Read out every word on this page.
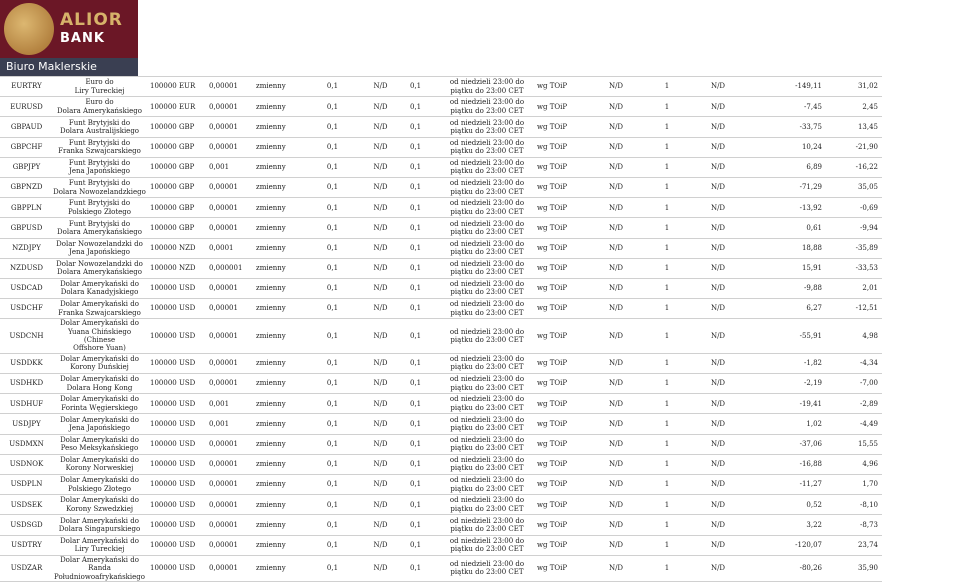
ALIOR
BANK
Biuro Maklerskie
EURTRY	Euro do
Liry Tureckiej	100000 EUR	0,00001	zmienny	0,1	N/D	0,1	od niedzieli 23:00 do
piątku do 23:00 CET	wg TOiP	N/D	1	N/D	-149,11	31,02
EURUSD	Euro do
Dolara Amerykańskiego	100000 EUR	0,00001	zmienny	0,1	N/D	0,1	od niedzieli 23:00 do
piątku do 23:00 CET	wg TOiP	N/D	1	N/D	-7,45	2,45
GBPAUD	Funt Brytyjski do
Dolara Australijskiego	100000 GBP	0,00001	zmienny	0,1	N/D	0,1	od niedzieli 23:00 do
piątku do 23:00 CET	wg TOiP	N/D	1	N/D	-33,75	13,45
GBPCHF	Funt Brytyjski do
Franka Szwajcarskiego	100000 GBP	0,00001	zmienny	0,1	N/D	0,1	od niedzieli 23:00 do
piątku do 23:00 CET	wg TOiP	N/D	1	N/D	10,24	-21,90
GBPJPY	Funt Brytyjski do
Jena Japońskiego	100000 GBP	0,001	zmienny	0,1	N/D	0,1	od niedzieli 23:00 do
piątku do 23:00 CET	wg TOiP	N/D	1	N/D	6,89	-16,22
GBPNZD	Funt Brytyjski do
Dolara Nowozelandzkiego	100000 GBP	0,00001	zmienny	0,1	N/D	0,1	od niedzieli 23:00 do
piątku do 23:00 CET	wg TOiP	N/D	1	N/D	-71,29	35,05
GBPPLN	Funt Brytyjski do
Polskiego Złotego	100000 GBP	0,00001	zmienny	0,1	N/D	0,1	od niedzieli 23:00 do
piątku do 23:00 CET	wg TOiP	N/D	1	N/D	-13,92	-0,69
GBPUSD	Funt Brytyjski do
Dolara Amerykańskiego	100000 GBP	0,00001	zmienny	0,1	N/D	0,1	od niedzieli 23:00 do
piątku do 23:00 CET	wg TOiP	N/D	1	N/D	0,61	-9,94
NZDJPY	Dolar Nowozelandzki do
Jena Japońskiego	100000 NZD	0,0001	zmienny	0,1	N/D	0,1	od niedzieli 23:00 do
piątku do 23:00 CET	wg TOiP	N/D	1	N/D	18,88	-35,89
NZDUSD	Dolar Nowozelandzki do
Dolara Amerykańskiego	100000 NZD	0,000001	zmienny	0,1	N/D	0,1	od niedzieli 23:00 do
piątku do 23:00 CET	wg TOiP	N/D	1	N/D	15,91	-33,53
USDCAD	Dolar Amerykański do
Dolara Kanadyjskiego	100000 USD	0,00001	zmienny	0,1	N/D	0,1	od niedzieli 23:00 do
piątku do 23:00 CET	wg TOiP	N/D	1	N/D	-9,88	2,01
USDCHF	Dolar Amerykański do
Franka Szwajcarskiego	100000 USD	0,00001	zmienny	0,1	N/D	0,1	od niedzieli 23:00 do
piątku do 23:00 CET	wg TOiP	N/D	1	N/D	6,27	-12,51
USDCNH	Dolar Amerykański do
Yuana Chińskiego (Chinese
Offshore Yuan)	100000 USD	0,00001	zmienny	0,1	N/D	0,1	od niedzieli 23:00 do
piątku do 23:00 CET	wg TOiP	N/D	1	N/D	-55,91	4,98
USDDKK	Dolar Amerykański do
Korony Duńskiej	100000 USD	0,00001	zmienny	0,1	N/D	0,1	od niedzieli 23:00 do
piątku do 23:00 CET	wg TOiP	N/D	1	N/D	-1,82	-4,34
USDHKD	Dolar Amerykański do
Dolara Hong Kong	100000 USD	0,00001	zmienny	0,1	N/D	0,1	od niedzieli 23:00 do
piątku do 23:00 CET	wg TOiP	N/D	1	N/D	-2,19	-7,00
USDHUF	Dolar Amerykański do
Forinta Węgierskiego	100000 USD	0,001	zmienny	0,1	N/D	0,1	od niedzieli 23:00 do
piątku do 23:00 CET	wg TOiP	N/D	1	N/D	-19,41	-2,89
USDJPY	Dolar Amerykański do
Jena Japońskiego	100000 USD	0,001	zmienny	0,1	N/D	0,1	od niedzieli 23:00 do
piątku do 23:00 CET	wg TOiP	N/D	1	N/D	1,02	-4,49
USDMXN	Dolar Amerykański do
Peso Meksykańskiego	100000 USD	0,00001	zmienny	0,1	N/D	0,1	od niedzieli 23:00 do
piątku do 23:00 CET	wg TOiP	N/D	1	N/D	-37,06	15,55
USDNOK	Dolar Amerykański do
Korony Norweskiej	100000 USD	0,00001	zmienny	0,1	N/D	0,1	od niedzieli 23:00 do
piątku do 23:00 CET	wg TOiP	N/D	1	N/D	-16,88	4,96
USDPLN	Dolar Amerykański do
Polskiego Złotego	100000 USD	0,00001	zmienny	0,1	N/D	0,1	od niedzieli 23:00 do
piątku do 23:00 CET	wg TOiP	N/D	1	N/D	-11,27	1,70
USDSEK	Dolar Amerykański do
Korony Szwedzkiej	100000 USD	0,00001	zmienny	0,1	N/D	0,1	od niedzieli 23:00 do
piątku do 23:00 CET	wg TOiP	N/D	1	N/D	0,52	-8,10
USDSGD	Dolar Amerykański do
Dolara Singapurskiego	100000 USD	0,00001	zmienny	0,1	N/D	0,1	od niedzieli 23:00 do
piątku do 23:00 CET	wg TOiP	N/D	1	N/D	3,22	-8,73
USDTRY	Dolar Amerykański do
Liry Tureckiej	100000 USD	0,00001	zmienny	0,1	N/D	0,1	od niedzieli 23:00 do
piątku do 23:00 CET	wg TOiP	N/D	1	N/D	-120,07	23,74
USDZAR	Dolar Amerykański do
Randa
Południowoafrykańskiego	100000 USD	0,00001	zmienny	0,1	N/D	0,1	od niedzieli 23:00 do
piątku do 23:00 CET	wg TOiP	N/D	1	N/D	-80,26	35,90
